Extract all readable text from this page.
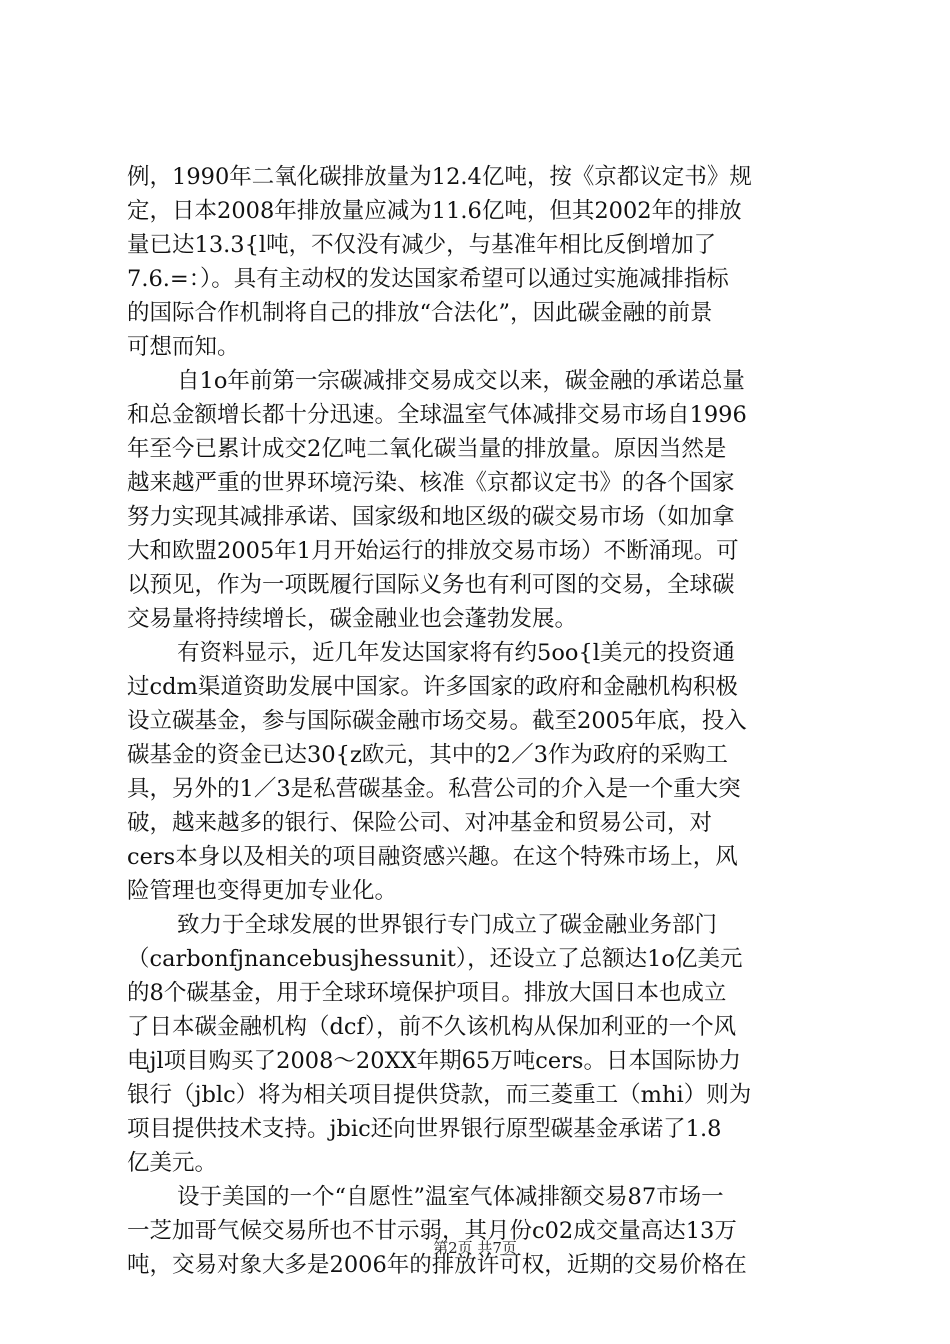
例，1990年二氧化碳排放量为12.4亿吨，按《京都议定书》规
定，日本2008年排放量应减为11.6亿吨，但其2002年的排放
量已达13.3{l吨，不仅没有减少，与基准年相比反倒增加了
7.6.=：）。具有主动权的发达国家希望可以通过实施减排指标
的国际合作机制将自己的排放“合法化”，因此碳金融的前景
可想而知。
自1o年前第一宗碳减排交易成交以来，碳金融的承诺总量
和总金额增长都十分迅速。全球温室气体减排交易市场自1996
年至今已累计成交2亿吨二氧化碳当量的排放量。原因当然是
越来越严重的世界环境污染、核准《京都议定书》的各个国家
努力实现其减排承诺、国家级和地区级的碳交易市场（如加拿
大和欧盟2005年1月开始运行的排放交易市场）不断涌现。可
以预见，作为一项既履行国际义务也有利可图的交易，全球碳
交易量将持续增长，碳金融业也会蓬勃发展。
有资料显示，近几年发达国家将有约5oo{l美元的投资通
过cdm渠道资助发展中国家。许多国家的政府和金融机构积极
设立碳基金，参与国际碳金融市场交易。截至2005年底，投入
碳基金的资金已达30{z欧元，其中的2／3作为政府的采购工
具，另外的1／3是私营碳基金。私营公司的介入是一个重大突
破，越来越多的银行、保险公司、对冲基金和贸易公司，对
cers本身以及相关的项目融资感兴趣。在这个特殊市场上，风
险管理也变得更加专业化。
致力于全球发展的世界银行专门成立了碳金融业务部门
（carbonfjnancebusjhessunit），还设立了总额达1o亿美元
的8个碳基金，用于全球环境保护项目。排放大国日本也成立
了日本碳金融机构（dcf），前不久该机构从保加利亚的一个风
电jl项目购买了2008～20XX年期65万吨cers。日本国际协力
银行（jblc）将为相关项目提供贷款，而三菱重工（mhi）则为
项目提供技术支持。jbic还向世界银行原型碳基金承诺了1.8
亿美元。
设于美国的一个“自愿性”温室气体减排额交易87市场一
一芝加哥气候交易所也不甘示弱，其月份c02成交量高达13万
吨，交易对象大多是2006年的排放许可权，近期的交易价格在
第2页 共7页
